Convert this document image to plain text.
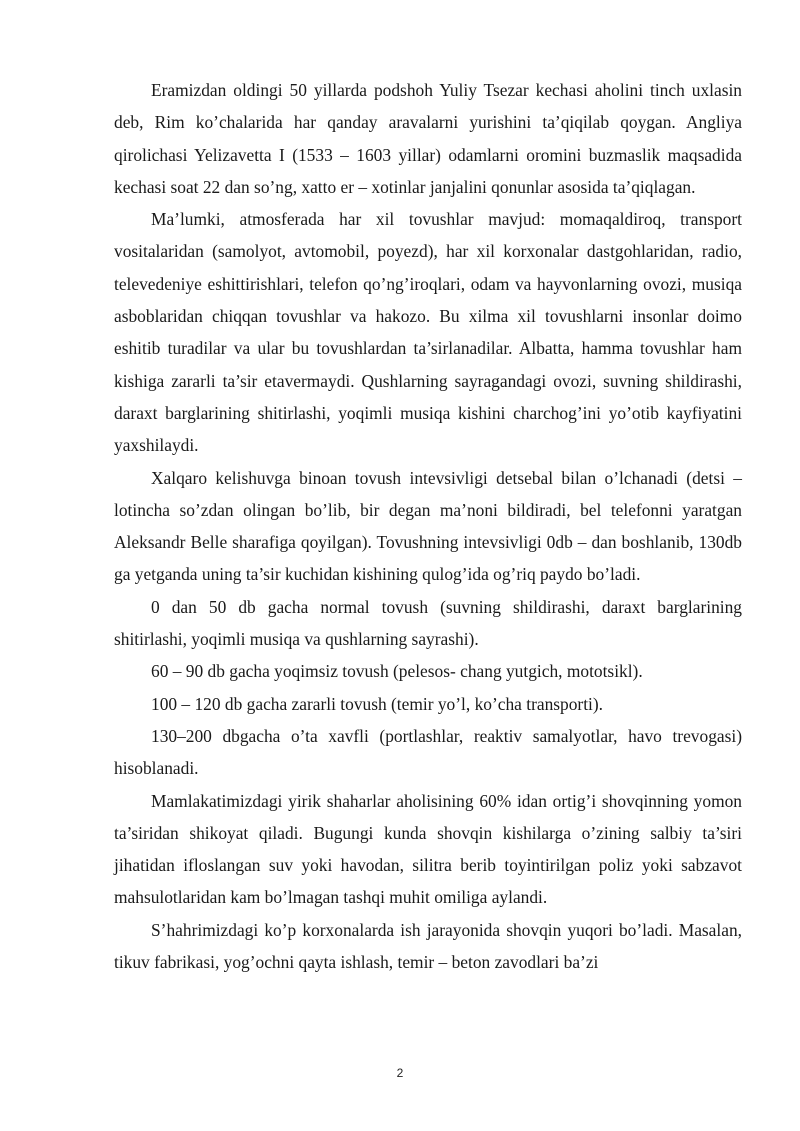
Eramizdan oldingi 50 yillarda podshoh Yuliy Tsezar kechasi aholini tinch uxlasin deb, Rim ko’chalarida har qanday aravalarni yurishini ta’qiqilab qoygan. Angliya qirolichasi Yelizavetta I (1533 – 1603 yillar) odamlarni oromini buzmaslik maqsadida kechasi soat 22 dan so’ng, xatto er – xotinlar janjalini qonunlar asosida ta’qiqlagan.

Ma’lumki, atmosferada har xil tovushlar mavjud: momaqaldiroq, transport vositalaridan (samolyot, avtomobil, poyezd), har xil korxonalar dastgohlaridan, radio, televedeniye eshittirishlari, telefon qo’ng’iroqlari, odam va hayvonlarning ovozi, musiqa asboblaridan chiqqan tovushlar va hakozo. Bu xilma xil tovushlarni insonlar doimo eshitib turadilar va ular bu tovushlardan ta’sirlanadilar. Albatta, hamma tovushlar ham kishiga zararli ta’sir etavermaydi. Qushlarning sayragandagi ovozi, suvning shildirashi, daraxt barglarining shitirlashi, yoqimli musiqa kishini charchog’ini yo’otib kayfiyatini yaxshilaydi.

Xalqaro kelishuvga binoan tovush intevsivligi detsebal bilan o’lchanadi (detsi – lotincha so’zdan olingan bo’lib, bir degan ma’noni bildiradi, bel telefonni yaratgan Aleksandr Belle sharafiga qoyilgan). Tovushning intevsivligi 0db – dan boshlanib, 130db ga yetganda uning ta’sir kuchidan kishining qulog’ida og’riq paydo bo’ladi.

0 dan 50 db gacha normal tovush (suvning shildirashi, daraxt barglarining shitirlashi, yoqimli musiqa va qushlarning sayrashi).

60 – 90 db gacha yoqimsiz tovush (pelesos- chang yutgich, mototsikl).

100 – 120 db gacha zararli tovush (temir yo’l, ko’cha transporti).

130–200 dbgacha o’ta xavfli (portlashlar, reaktiv samalyotlar, havo trevogasi) hisoblanadi.

Mamlakatimizdagi yirik shaharlar aholisining 60% idan ortig’i shovqinning yomon ta’siridan shikoyat qiladi. Bugungi kunda shovqin kishilarga o’zining salbiy ta’siri jihatidan ifloslangan suv yoki havodan, silitra berib toyintirilgan poliz yoki sabzavot mahsulotlaridan kam bo’lmagan tashqi muhit omiliga aylandi.

S’hahrimizdagi ko’p korxonalarda ish jarayonida shovqin yuqori bo’ladi. Masalan, tikuv fabrikasi, yog’ochni qayta ishlash, temir – beton zavodlari ba’zi

2
